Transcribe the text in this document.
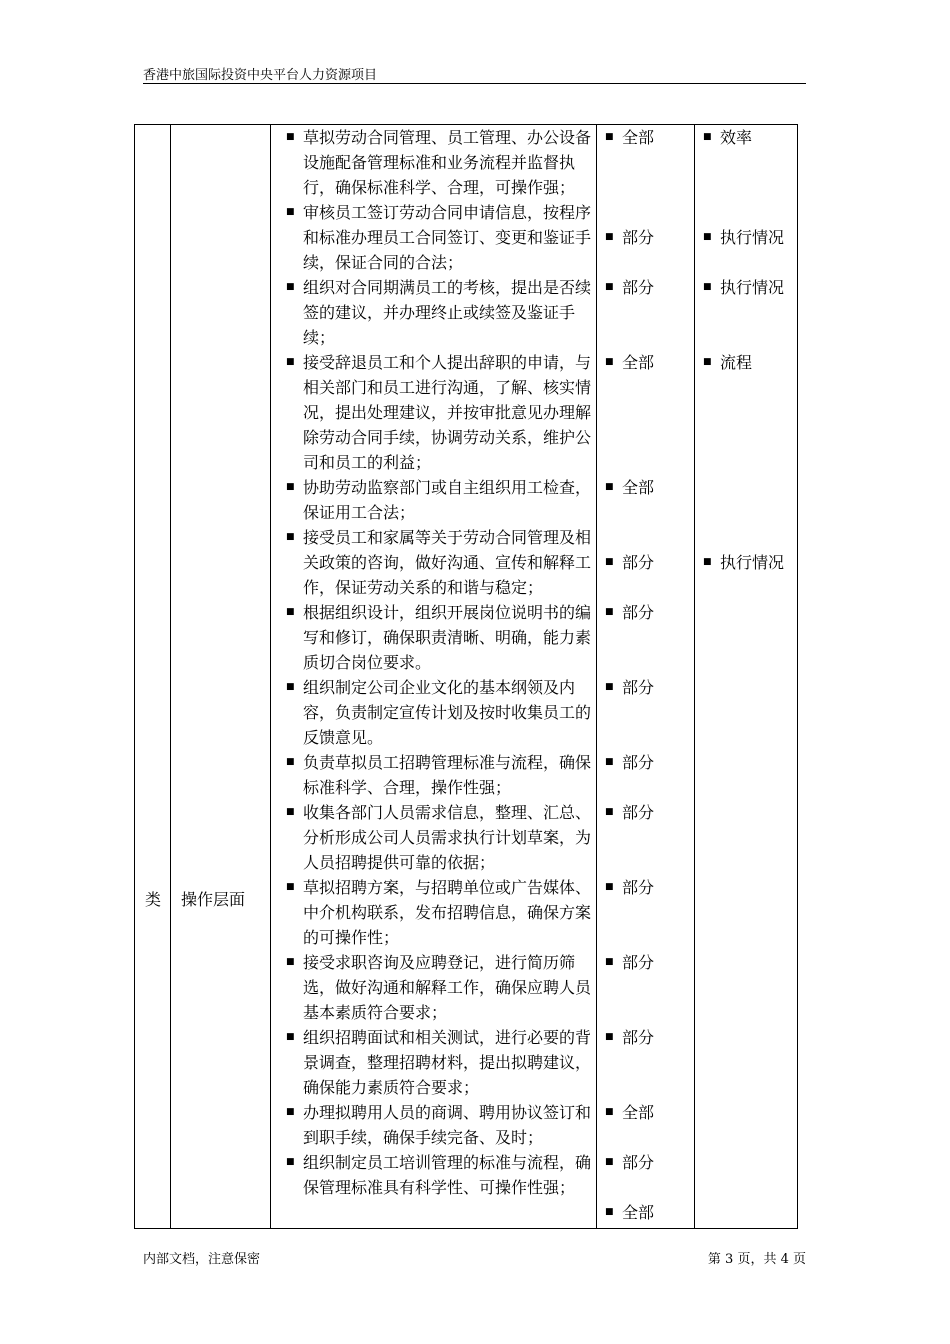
香港中旅国际投资中央平台人力资源项目
类	操作层面
■ 草拟劳动合同管理、员工管理、办公设备设施配备管理标准和业务流程并监督执行，确保标准科学、合理，可操作强；
■ 审核员工签订劳动合同申请信息，按程序和标准办理员工合同签订、变更和鉴证手续，保证合同的合法；
■ 组织对合同期满员工的考核，提出是否续签的建议，并办理终止或续签及鉴证手续；
■ 接受辞退员工和个人提出辞职的申请，与相关部门和员工进行沟通，了解、核实情况，提出处理建议，并按审批意见办理解除劳动合同手续，协调劳动关系，维护公司和员工的利益；
■ 协助劳动监察部门或自主组织用工检查，保证用工合法；
■ 接受员工和家属等关于劳动合同管理及相关政策的咨询，做好沟通、宣传和解释工作，保证劳动关系的和谐与稳定；
■ 根据组织设计，组织开展岗位说明书的编写和修订，确保职责清晰、明确，能力素质切合岗位要求。
■ 组织制定公司企业文化的基本纲领及内容，负责制定宣传计划及按时收集员工的反馈意见。
■ 负责草拟员工招聘管理标准与流程，确保标准科学、合理，操作性强；
■ 收集各部门人员需求信息，整理、汇总、分析形成公司人员需求执行计划草案，为人员招聘提供可靠的依据；
■ 草拟招聘方案，与招聘单位或广告媒体、中介机构联系，发布招聘信息，确保方案的可操作性；
■ 接受求职咨询及应聘登记，进行简历筛选，做好沟通和解释工作，确保应聘人员基本素质符合要求；
■ 组织招聘面试和相关测试，进行必要的背景调查，整理招聘材料，提出拟聘建议，确保能力素质符合要求；
■ 办理拟聘用人员的商调、聘用协议签订和到职手续，确保手续完备、及时；
■ 组织制定员工培训管理的标准与流程，确保管理标准具有科学性、可操作性强；
■ 全部
■ 部分
■ 部分
■ 全部
■ 全部
■ 部分
■ 部分
■ 部分
■ 部分
■ 部分
■ 部分
■ 部分
■ 部分
■ 全部
■ 部分
■ 全部
■ 效率
■ 执行情况
■ 执行情况
■ 流程
■ 执行情况
内部文档，注意保密	第 3 页，共 4 页
